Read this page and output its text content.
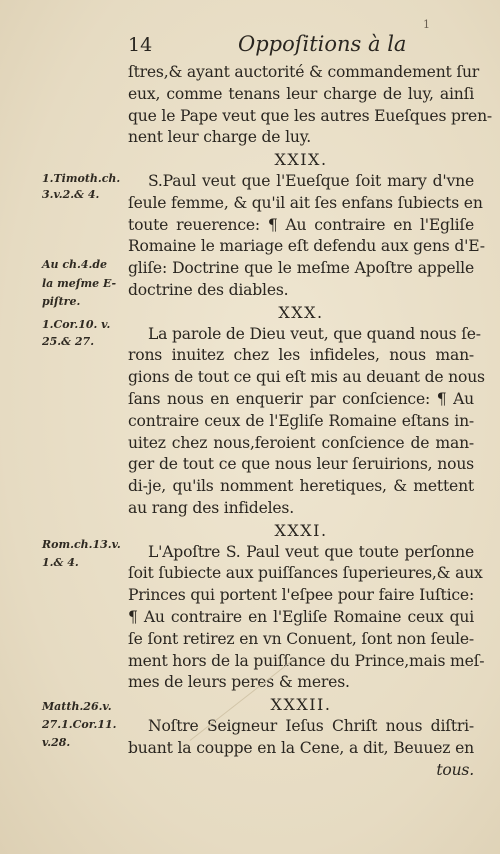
14	Oppoſitions à la
1
1.Timoth.ch.
3.v.2.& 4.
Au ch.4.de
la meſme E-
piſtre.
1.Cor.10. v.
25.& 27.
Rom.ch.13.v.
1.& 4.
Matth.26.v.
27.1.Cor.11.
v.28.
ſtres,& ayant auctorité & commandement ſur
eux, comme tenans leur charge de luy, ainſi
que le Pape veut que les autres Eueſques pren-
nent leur charge de luy.
XXIX.
S.Paul veut que l'Eueſque ſoit mary d'vne
ſeule femme, & qu'il ait ſes enfans ſubiects en
toute reuerence: ¶ Au contraire en l'Egliſe
Romaine le mariage eſt defendu aux gens d'E-
gliſe: Doctrine que le meſme Apoſtre appelle
doctrine des diables.
XXX.
La parole de Dieu veut, que quand nous ſe-
rons inuitez chez les infideles, nous man-
gions de tout ce qui eſt mis au deuant de nous
ſans nous en enquerir par conſcience: ¶ Au
contraire ceux de l'Egliſe Romaine eſtans in-
uitez chez nous,feroient conſcience de man-
ger de tout ce que nous leur ſeruirions, nous
di-je, qu'ils nomment heretiques, & mettent
au rang des infideles.
XXXI.
L'Apoſtre S. Paul veut que toute perſonne
ſoit ſubiecte aux puiſſances ſuperieures,& aux
Princes qui portent l'eſpee pour faire Iuſtice:
¶ Au contraire en l'Egliſe Romaine ceux qui
ſe ſont retirez en vn Conuent, ſont non ſeule-
ment hors de la puiſſance du Prince,mais meſ-
mes de leurs peres & meres.
XXXII.
Noſtre Seigneur Ieſus Chriſt nous diſtri-
buant la couppe en la Cene, a dit, Beuuez en
tous.
